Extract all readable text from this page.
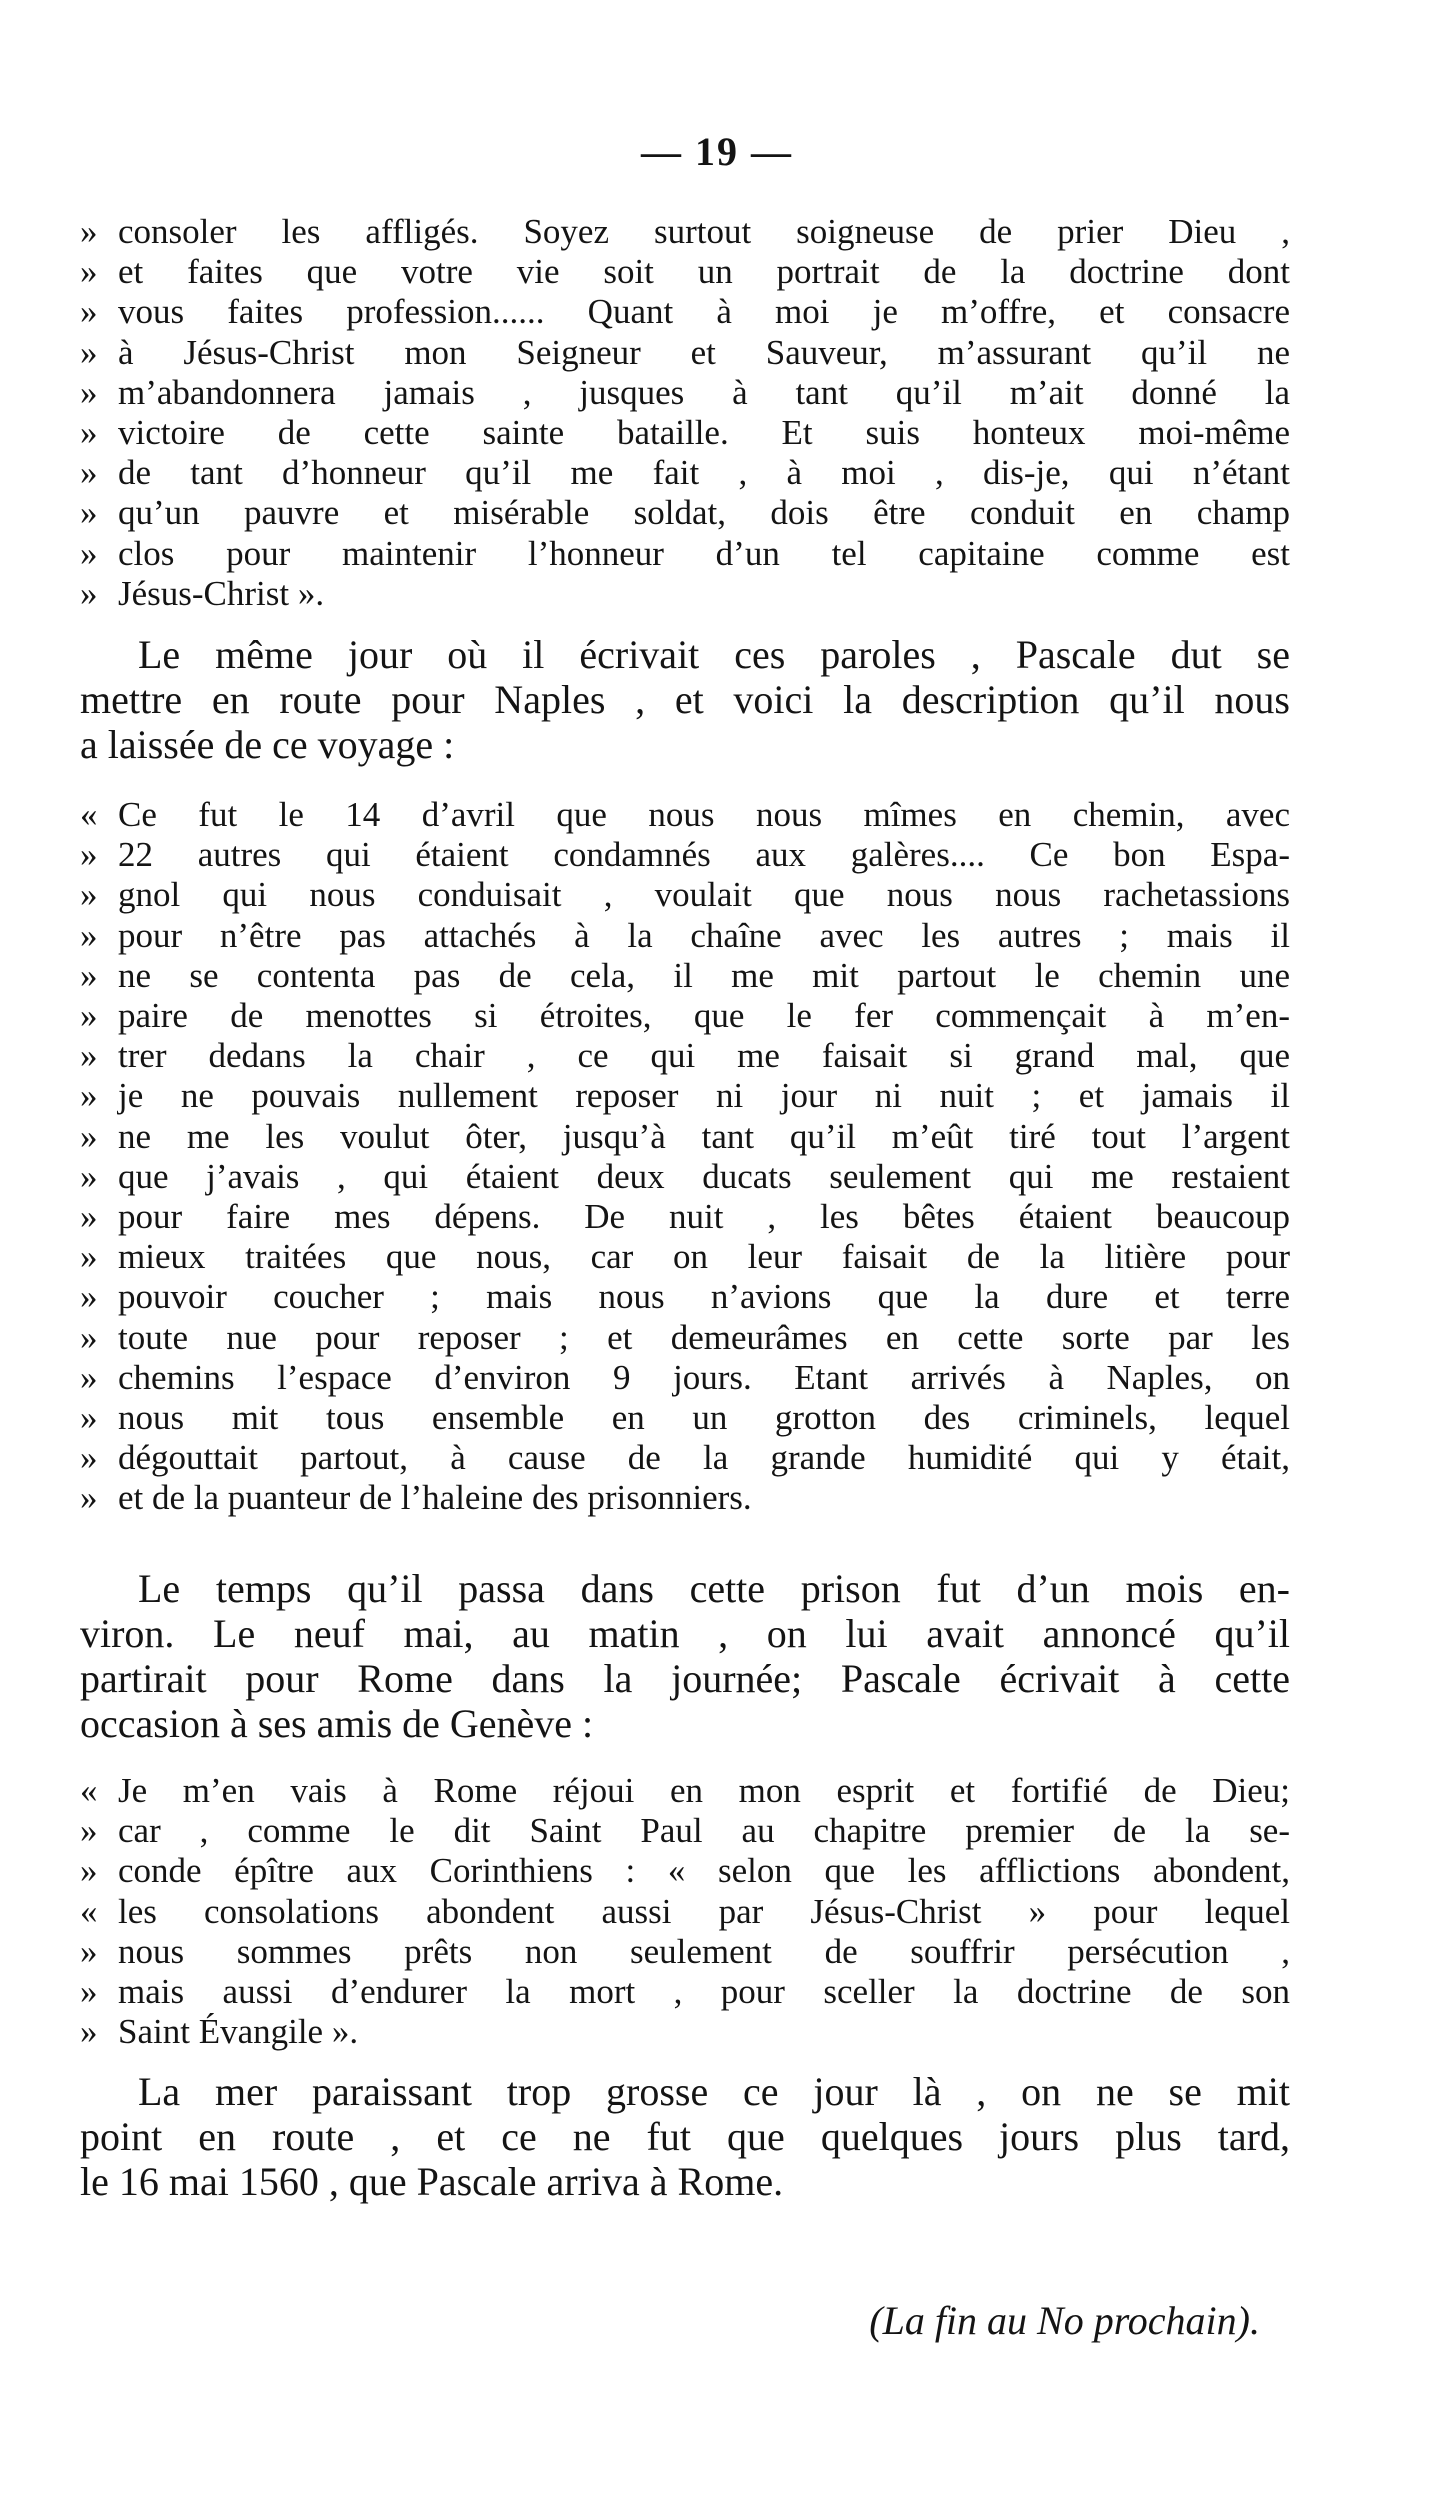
— 19 —
» consoler les affligés. Soyez surtout soigneuse de prier Dieu ,
» et faites que votre vie soit un portrait de la doctrine dont
» vous faites profession...... Quant à moi je m’offre, et consacre
» à Jésus-Christ mon Seigneur et Sauveur, m’assurant qu’il ne
» m’abandonnera jamais , jusques à tant qu’il m’ait donné la
» victoire de cette sainte bataille. Et suis honteux moi-même
» de tant d’honneur qu’il me fait , à moi , dis-je, qui n’étant
» qu’un pauvre et misérable soldat, dois être conduit en champ
» clos pour maintenir l’honneur d’un tel capitaine comme est
» Jésus-Christ ».
Le même jour où il écrivait ces paroles , Pascale dut se
mettre en route pour Naples , et voici la description qu’il nous
a laissée de ce voyage :
« Ce fut le 14 d’avril que nous nous mîmes en chemin, avec
» 22 autres qui étaient condamnés aux galères.... Ce bon Espa-
» gnol qui nous conduisait , voulait que nous nous rachetassions
» pour n’être pas attachés à la chaîne avec les autres ; mais il
» ne se contenta pas de cela, il me mit partout le chemin une
» paire de menottes si étroites, que le fer commençait à m’en-
» trer dedans la chair , ce qui me faisait si grand mal, que
» je ne pouvais nullement reposer ni jour ni nuit ; et jamais il
» ne me les voulut ôter, jusqu’à tant qu’il m’eût tiré tout l’argent
» que j’avais , qui étaient deux ducats seulement qui me restaient
» pour faire mes dépens. De nuit , les bêtes étaient beaucoup
» mieux traitées que nous, car on leur faisait de la litière pour
» pouvoir coucher ; mais nous n’avions que la dure et terre
» toute nue pour reposer ; et demeurâmes en cette sorte par les
» chemins l’espace d’environ 9 jours. Etant arrivés à Naples, on
» nous mit tous ensemble en un grotton des criminels, lequel
» dégouttait partout, à cause de la grande humidité qui y était,
» et de la puanteur de l’haleine des prisonniers.
Le temps qu’il passa dans cette prison fut d’un mois en-
viron. Le neuf mai, au matin , on lui avait annoncé qu’il
partirait pour Rome dans la journée; Pascale écrivait à cette
occasion à ses amis de Genève :
« Je m’en vais à Rome réjoui en mon esprit et fortifié de Dieu;
» car , comme le dit Saint Paul au chapitre premier de la se-
» conde épître aux Corinthiens : « selon que les afflictions abondent,
« les consolations abondent aussi par Jésus-Christ » pour lequel
» nous sommes prêts non seulement de souffrir persécution ,
» mais aussi d’endurer la mort , pour sceller la doctrine de son
» Saint Évangile ».
La mer paraissant trop grosse ce jour là , on ne se mit
point en route , et ce ne fut que quelques jours plus tard,
le 16 mai 1560 , que Pascale arriva à Rome.
(La fin au No prochain).
